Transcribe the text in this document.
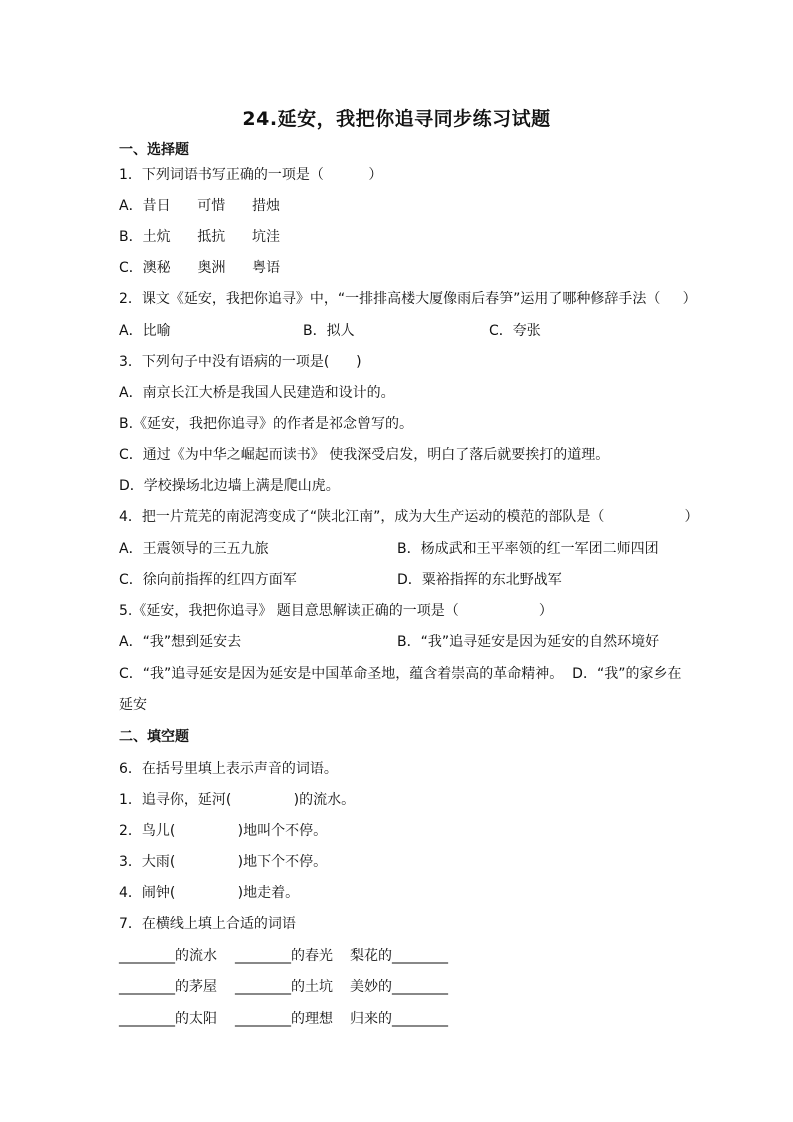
24.延安，我把你追寻同步练习试题
一、选择题
1．下列词语书写正确的一项是（          ）
A．昔日      可惜      措烛
B．土炕      抵抗      坑洼
C．澳秘      奥洲      粤语
2．课文《延安，我把你追寻》中，“一排排高楼大厦像雨后春笋”运用了哪种修辞手法（     ）
A．比喻	B．拟人	C．夸张
3．下列句子中没有语病的一项是(      )
A．南京长江大桥是我国人民建造和设计的。
B.《延安，我把你追寻》的作者是祁念曾写的。
C．通过《为中华之崛起而读书》 使我深受启发，明白了落后就要挨打的道理。
D．学校操场北边墙上满是爬山虎。
4．把一片荒芜的南泥湾变成了“陕北江南”，成为大生产运动的模范的部队是（                  ）
A．王震领导的三五九旅	B．杨成武和王平率领的红一军团二师四团
C．徐向前指挥的红四方面军	D．粟裕指挥的东北野战军
5.《延安，我把你追寻》 题目意思解读正确的一项是（                  ）
A．“我”想到延安去	B．“我”追寻延安是因为延安的自然环境好
C．“我”追寻延安是因为延安是中国革命圣地，蕴含着崇高的革命精神。  D．“我”的家乡在
延安
二、填空题
6．在括号里填上表示声音的词语。
1．追寻你，延河(              )的流水。
2．鸟儿(              )地叫个不停。
3．大雨(              )地下个不停。
4．闹钟(              )地走着。
7．在横线上填上合适的词语
________的流水 ________的春光 梨花的________
________的茅屋 ________的土坑 美妙的________
________的太阳 ________的理想 归来的________
